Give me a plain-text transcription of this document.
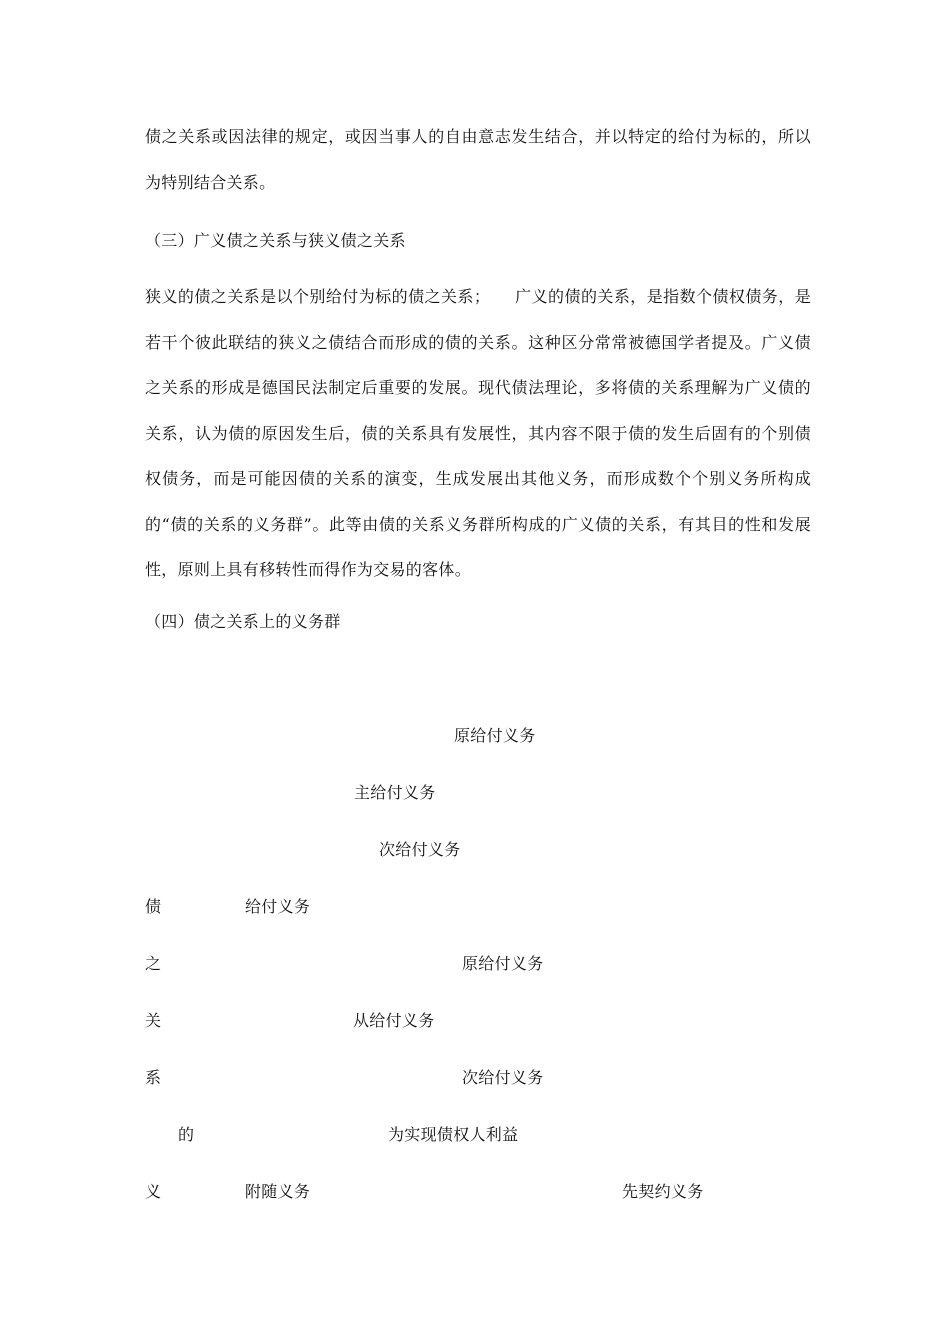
债之关系或因法律的规定，或因当事人的自由意志发生结合，并以特定的给付为标的，所以为特别结合关系。

（三）广义债之关系与狭义债之关系

狭义的债之关系是以个别给付为标的债之关系；　　广义的债的关系，是指数个债权债务，是若干个彼此联结的狭义之债结合而形成的债的关系。这种区分常常被德国学者提及。广义债之关系的形成是德国民法制定后重要的发展。现代债法理论，多将债的关系理解为广义债的关系，认为债的原因发生后，债的关系具有发展性，其内容不限于债的发生后固有的个别债权债务，而是可能因债的关系的演变，生成发展出其他义务，而形成数个个别义务所构成的“债的关系的义务群”。此等由债的关系义务群所构成的广义债的关系，有其目的性和发展性，原则上具有移转性而得作为交易的客体。

（四）债之关系上的义务群
原给付义务
主给付义务
次给付义务
债	给付义务
之	原给付义务
关	从给付义务
系	次给付义务
的	为实现债权人利益
义	附随义务	先契约义务
